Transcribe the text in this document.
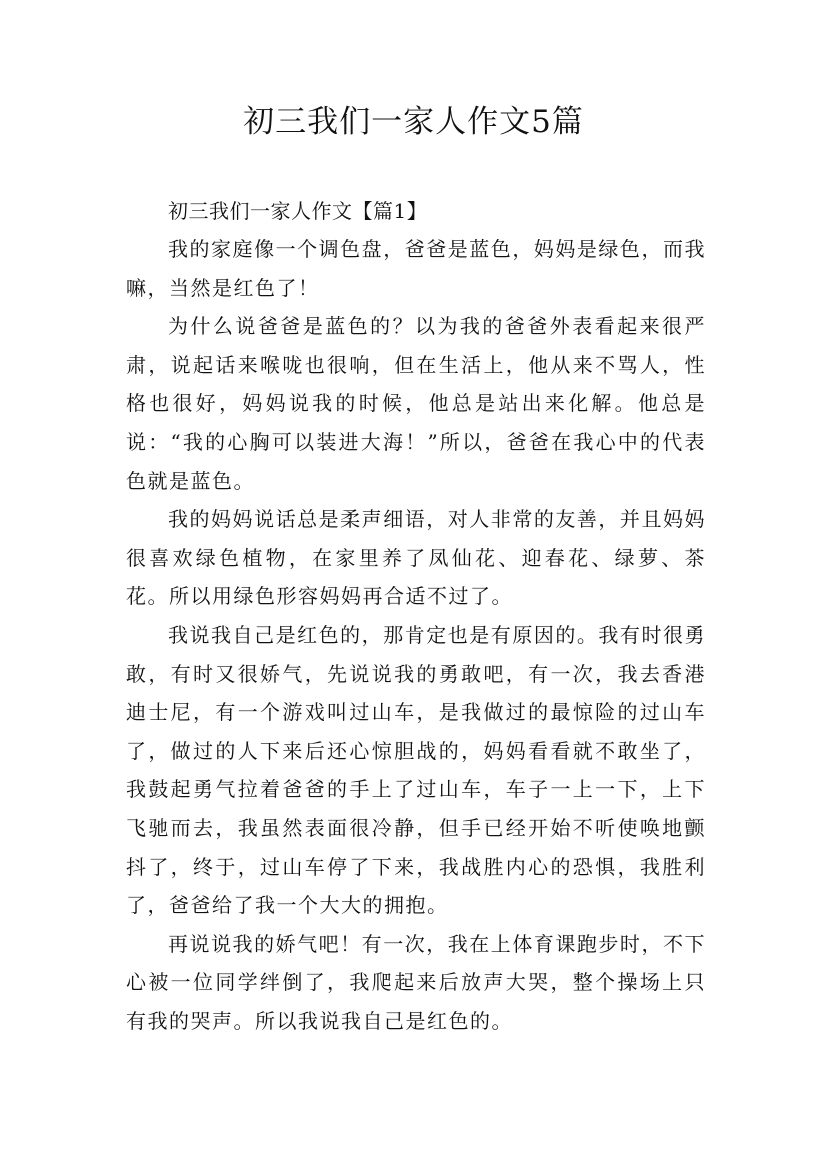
初三我们一家人作文5篇

初三我们一家人作文【篇1】

我的家庭像一个调色盘，爸爸是蓝色，妈妈是绿色，而我嘛，当然是红色了！

为什么说爸爸是蓝色的？以为我的爸爸外表看起来很严肃，说起话来喉咙也很响，但在生活上，他从来不骂人，性格也很好，妈妈说我的时候，他总是站出来化解。他总是说：“我的心胸可以装进大海！”所以，爸爸在我心中的代表色就是蓝色。

我的妈妈说话总是柔声细语，对人非常的友善，并且妈妈很喜欢绿色植物，在家里养了凤仙花、迎春花、绿萝、茶花。所以用绿色形容妈妈再合适不过了。

我说我自己是红色的，那肯定也是有原因的。我有时很勇敢，有时又很娇气，先说说我的勇敢吧，有一次，我去香港迪士尼，有一个游戏叫过山车，是我做过的最惊险的过山车了，做过的人下来后还心惊胆战的，妈妈看看就不敢坐了，我鼓起勇气拉着爸爸的手上了过山车，车子一上一下，上下飞驰而去，我虽然表面很冷静，但手已经开始不听使唤地颤抖了，终于，过山车停了下来，我战胜内心的恐惧，我胜利了，爸爸给了我一个大大的拥抱。

再说说我的娇气吧！有一次，我在上体育课跑步时，不下心被一位同学绊倒了，我爬起来后放声大哭，整个操场上只有我的哭声。所以我说我自己是红色的。
